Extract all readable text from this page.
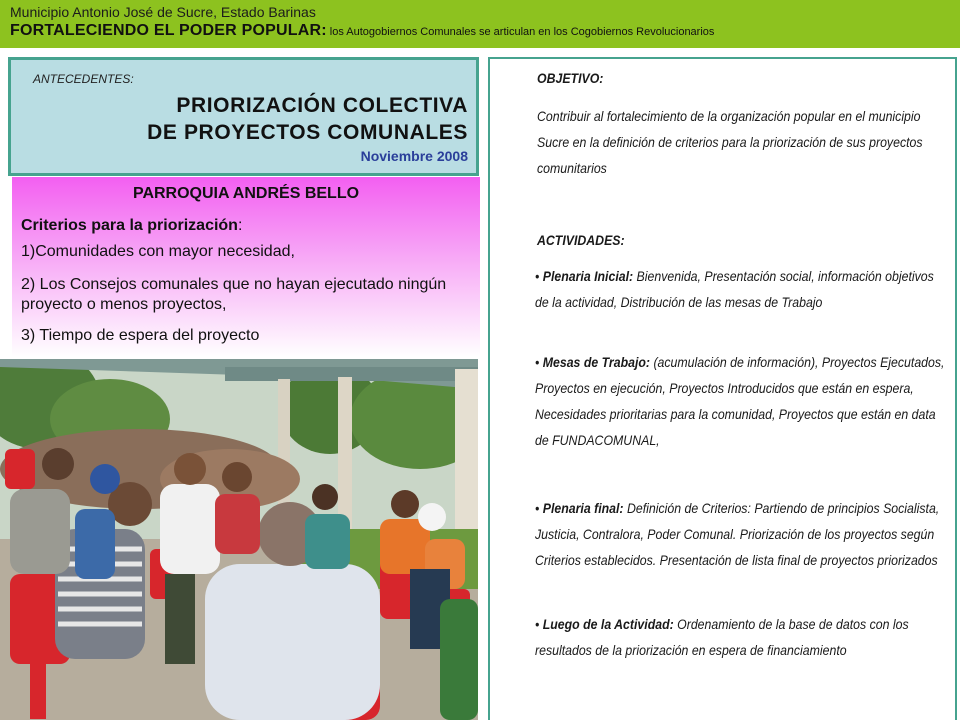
Municipio Antonio José de Sucre, Estado Barinas
FORTALECIENDO EL PODER POPULAR: los Autogobiernos Comunales se articulan en los Cogobiernos Revolucionarios
ANTECEDENTES:
PRIORIZACIÓN COLECTIVA
DE PROYECTOS COMUNALES
Noviembre 2008
PARROQUIA ANDRÉS BELLO
Criterios para la priorización:
1)Comunidades con mayor necesidad,
2) Los Consejos comunales que no hayan ejecutado ningún proyecto o menos proyectos,
3) Tiempo de espera del proyecto
OBJETIVO:
Contribuir al fortalecimiento de la organización popular en el municipio Sucre en la definición de criterios para la priorización de sus proyectos comunitarios
ACTIVIDADES:
• Plenaria Inicial: Bienvenida, Presentación social, información objetivos de la actividad, Distribución de las mesas de Trabajo
• Mesas de Trabajo: (acumulación de información), Proyectos Ejecutados, Proyectos en ejecución, Proyectos Introducidos que están en espera, Necesidades prioritarias para la comunidad, Proyectos que están en data de FUNDACOMUNAL,
• Plenaria final: Definición de Criterios: Partiendo de principios Socialista, Justicia, Contralora, Poder Comunal. Priorización de los proyectos según Criterios establecidos. Presentación de lista final de proyectos priorizados
• Luego de la Actividad: Ordenamiento de la base de datos con los resultados de la priorización en espera de financiamiento
